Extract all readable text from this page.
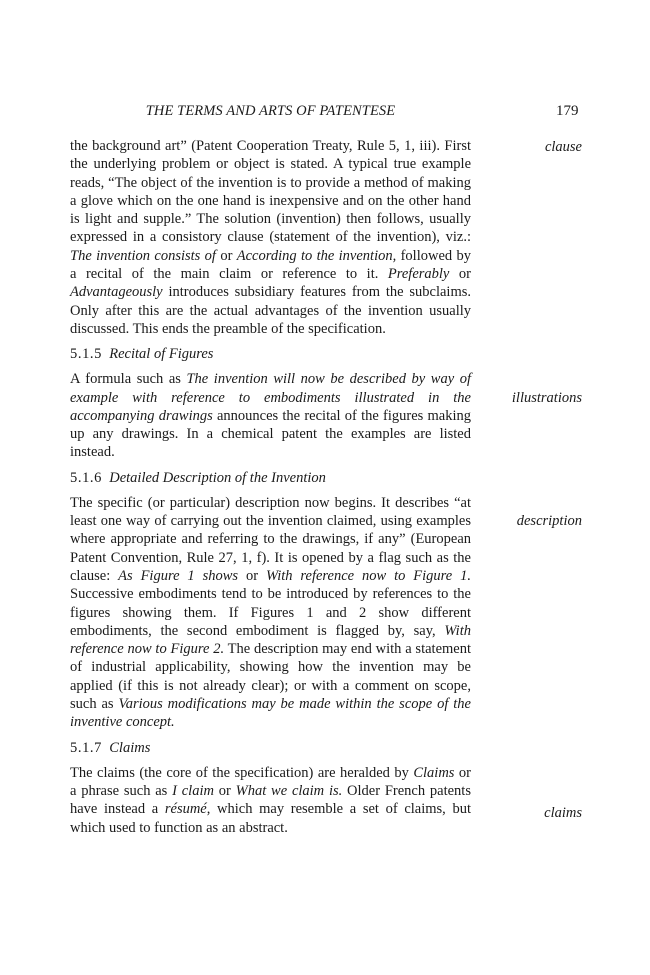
THE TERMS AND ARTS OF PATENTESE	179
clause
illustrations
description
claims

the background art” (Patent Cooperation Treaty, Rule 5, 1, iii). First the underlying problem or object is stated. A typical true example reads, “The object of the invention is to provide a method of making a glove which on the one hand is inexpensive and on the other hand is light and supple.” The solution (invention) then follows, usually expressed in a consistory clause (statement of the invention), viz.: The invention consists of or According to the invention, followed by a recital of the main claim or reference to it. Preferably or Advantageously introduces subsidiary features from the subclaims. Only after this are the actual advantages of the invention usually discussed. This ends the preamble of the specification.

5.1.5 Recital of Figures

A formula such as The invention will now be described by way of example with reference to embodiments illustrated in the accompanying drawings announces the recital of the figures making up any drawings. In a chemical patent the examples are listed instead.

5.1.6 Detailed Description of the Invention

The specific (or particular) description now begins. It describes “at least one way of carrying out the invention claimed, using examples where appropriate and referring to the drawings, if any” (European Patent Convention, Rule 27, 1, f). It is opened by a flag such as the clause: As Figure 1 shows or With reference now to Figure 1. Successive embodiments tend to be introduced by references to the figures showing them. If Figures 1 and 2 show different embodiments, the second embodiment is flagged by, say, With reference now to Figure 2. The description may end with a statement of industrial applicability, showing how the invention may be applied (if this is not already clear); or with a comment on scope, such as Various modifications may be made within the scope of the inventive concept.

5.1.7 Claims

The claims (the core of the specification) are heralded by Claims or a phrase such as I claim or What we claim is. Older French patents have instead a résumé, which may resemble a set of claims, but which used to function as an abstract.
